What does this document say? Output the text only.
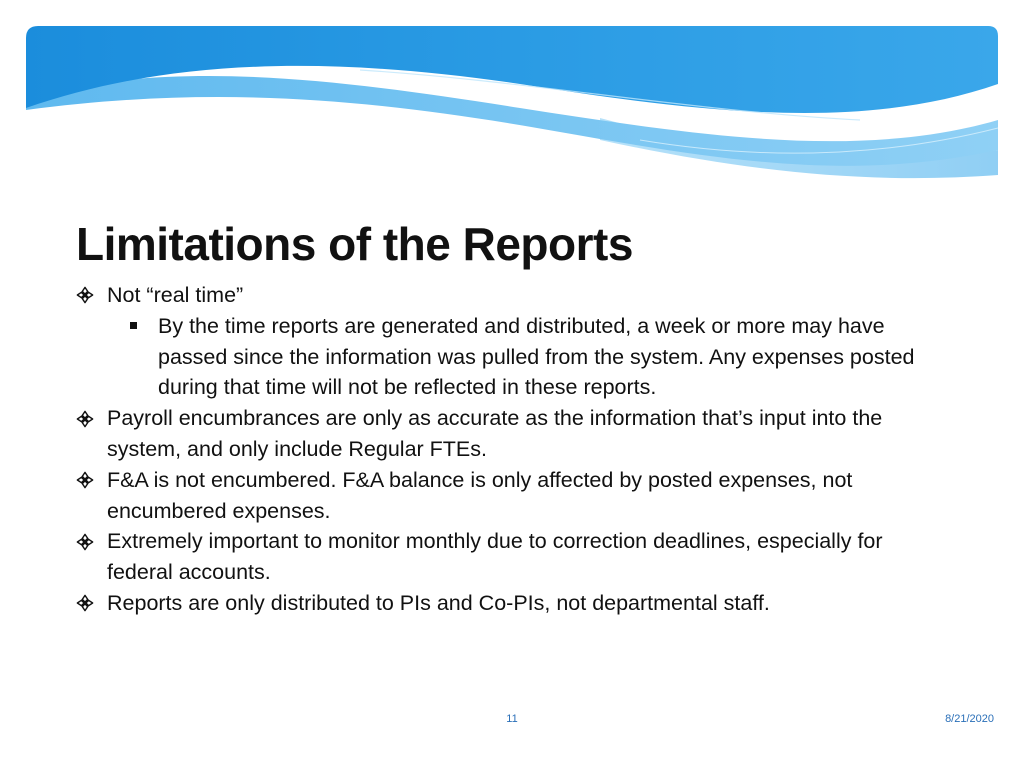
Limitations of the Reports
Not “real time”
By the time reports are generated and distributed, a week or more may have passed since the information was pulled from the system. Any expenses posted during that time will not be reflected in these reports.
Payroll encumbrances are only as accurate as the information that’s input into the system, and only include Regular FTEs.
F&A is not encumbered. F&A balance is only affected by posted expenses, not encumbered expenses.
Extremely important to monitor monthly due to correction deadlines, especially for federal accounts.
Reports are only distributed to PIs and Co-PIs, not departmental staff.
11	8/21/2020
